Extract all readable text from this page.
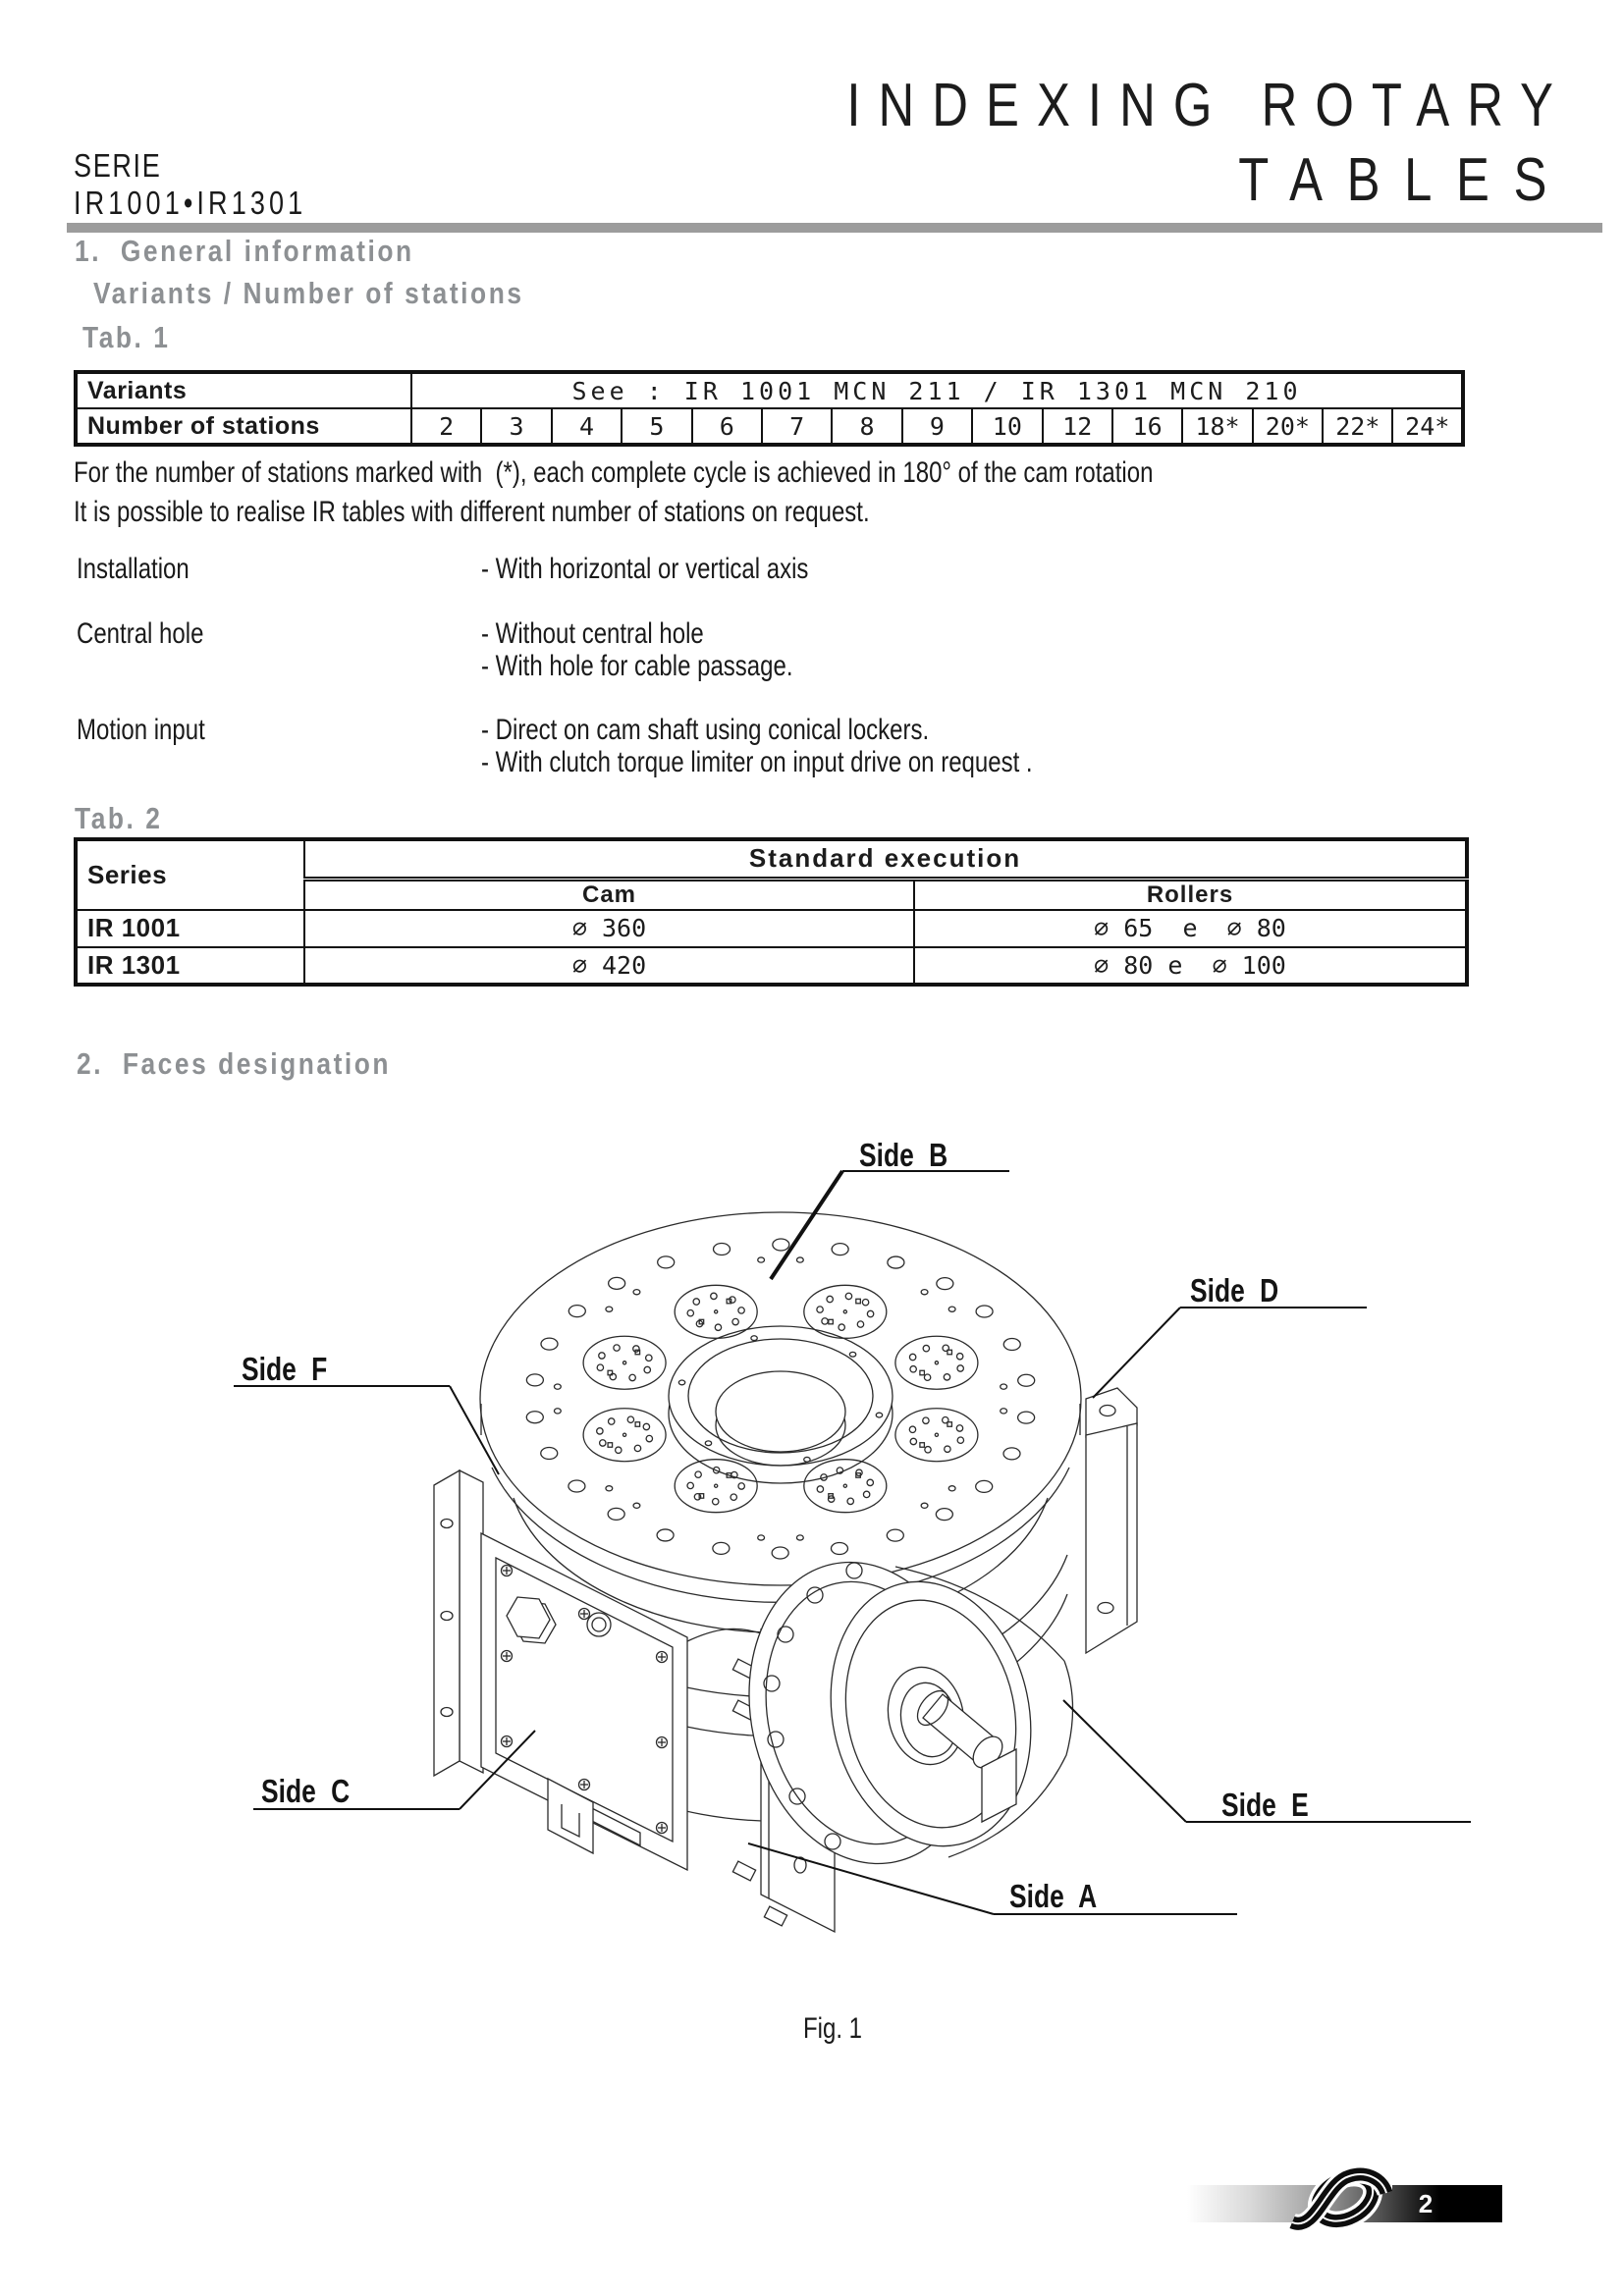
INDEXING ROTARY
TABLES
SERIE
IR1001•IR1301
1.  General information
Variants / Number of stations
Tab. 1
Variants	See : IR 1001 MCN 211 / IR 1301 MCN 210														
Number of stations	2	3	4	5	6	7	8	9	10	12	16	18*	20*	22*	24*
For the number of stations marked with  (*), each complete cycle is achieved in 180° of the cam rotation
It is possible to realise IR tables with different number of stations on request.
Installation	- With horizontal or vertical axis
Central hole	- Without central hole
- With hole for cable passage.
Motion input	- Direct on cam shaft using conical lockers.
- With clutch torque limiter on input drive on request .
Tab. 2
Series	Standard execution	
	Cam	Rollers
IR 1001	∅ 360	∅ 65  e  ∅ 80
IR 1301	∅ 420	∅ 80 e  ∅ 100
2.  Faces designation
Side B
Side D
Side F
Side C	Side E
Side A
Fig. 1
2
